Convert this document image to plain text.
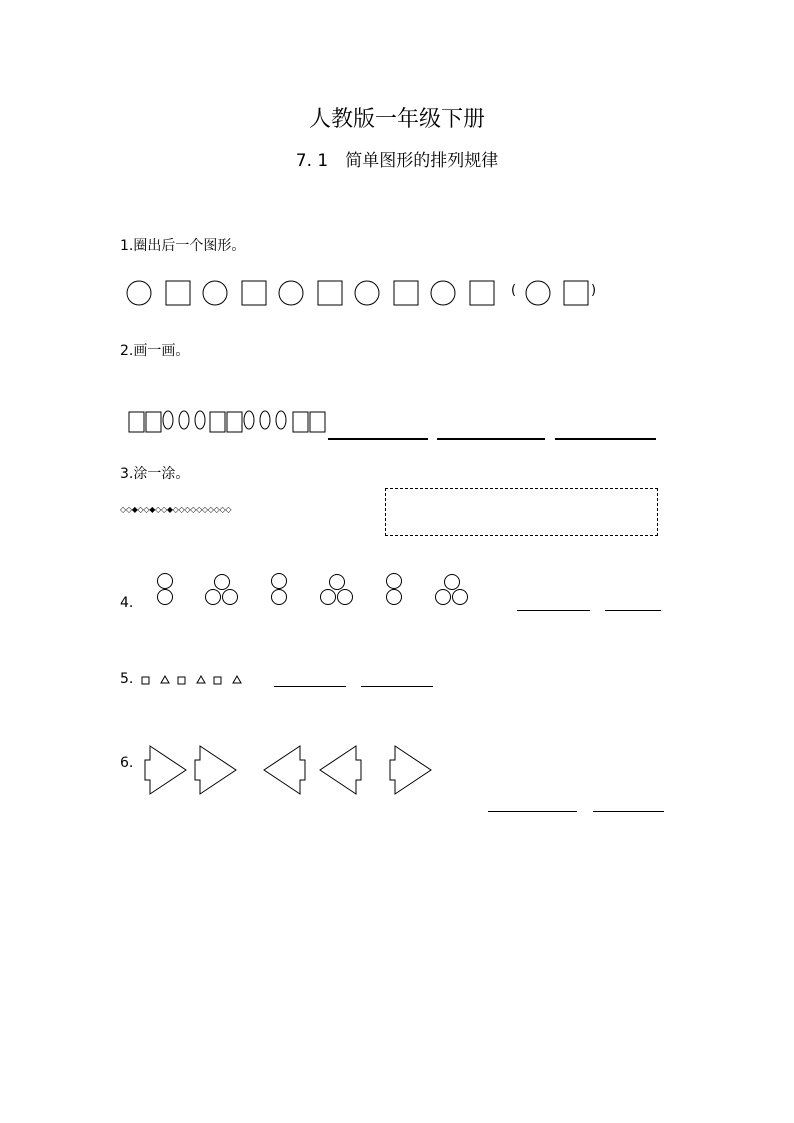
人教版一年级下册
7. 1　简单图形的排列规律
1.圈出后一个图形。
(	)
2.画一画。
3.涂一涂。
◇◇◆◇◇◆◇◇◆◇◇◇◇◇◇◇◇◇◇
4.
5.
6.
